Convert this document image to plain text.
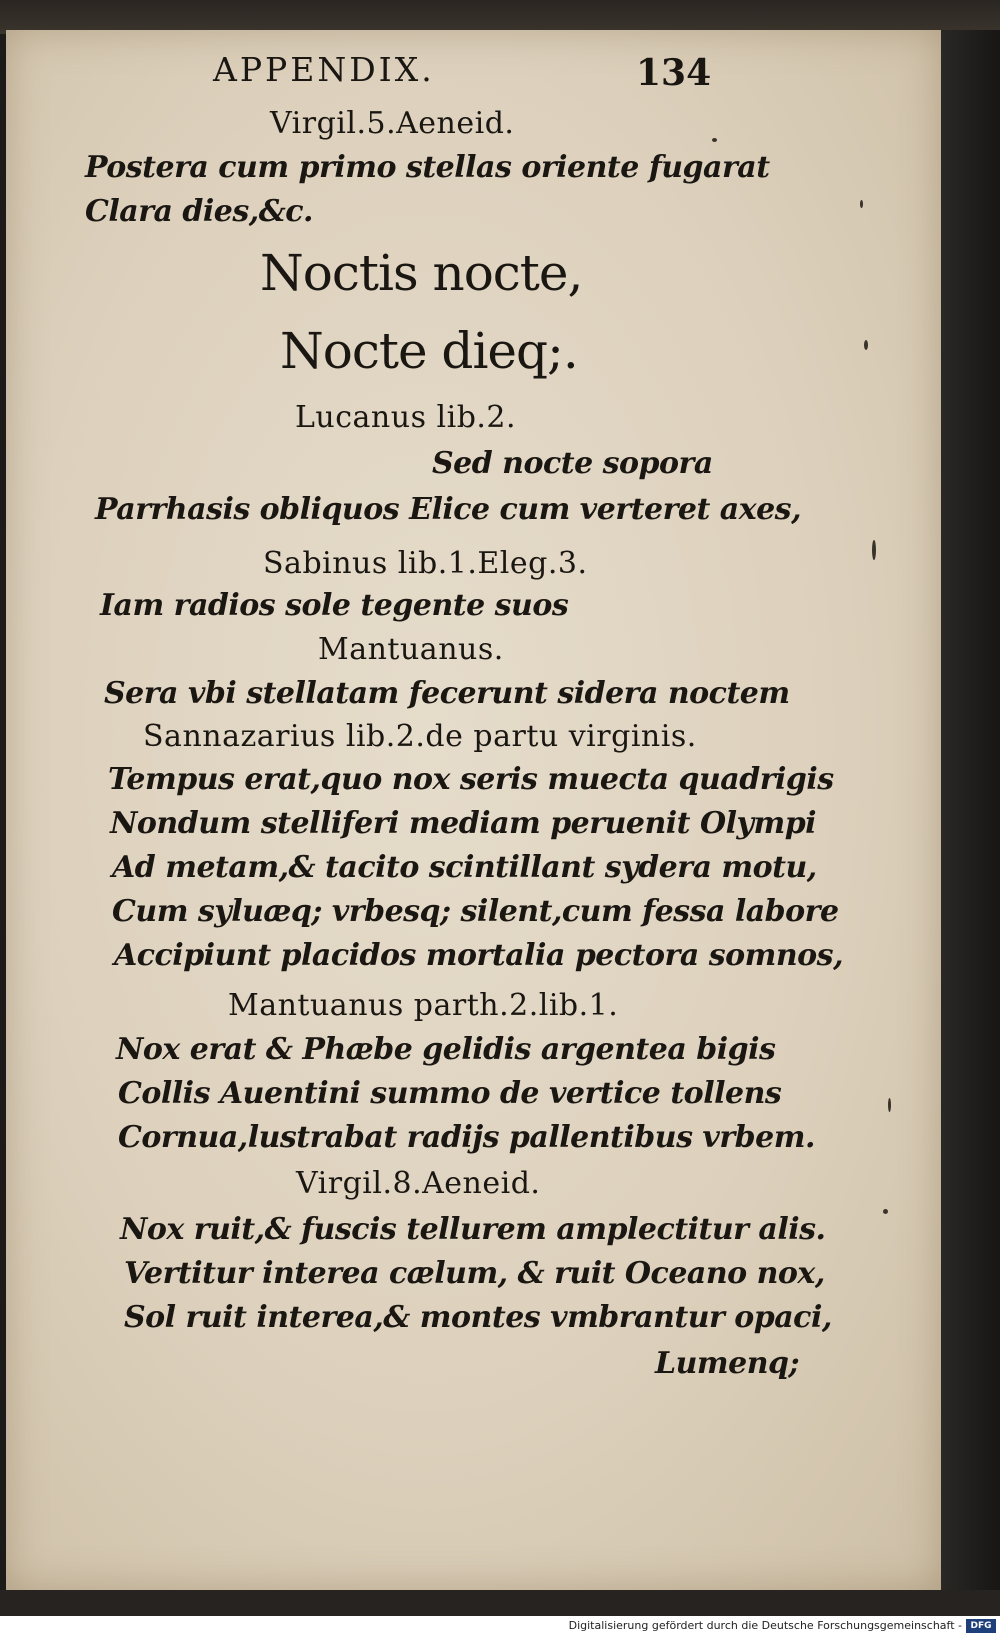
APPENDIX.	134
Virgil.5.Aeneid.
Postera cum primo stellas oriente fugarat
Clara dies,&c.
Noctis nocte,
Nocte dieq;.
Lucanus lib.2.
Sed nocte sopora
Parrhasis obliquos Elice cum verteret axes,
Sabinus lib.1.Eleg.3.
Iam radios sole tegente suos
Mantuanus.
Sera vbi stellatam fecerunt sidera noctem
Sannazarius lib.2.de partu virginis.
Tempus erat,quo nox seris muecta quadrigis
Nondum stelliferi mediam peruenit Olympi
Ad metam,& tacito scintillant sydera motu,
Cum syluæq; vrbesq; silent,cum fessa labore
Accipiunt placidos mortalia pectora somnos,
Mantuanus parth.2.lib.1.
Nox erat & Phæbe gelidis argentea bigis
Collis Auentini summo de vertice tollens
Cornua,lustrabat radijs pallentibus vrbem.
Virgil.8.Aeneid.
Nox ruit,& fuscis tellurem amplectitur alis.
Vertitur interea cælum, & ruit Oceano nox,
Sol ruit interea,& montes vmbrantur opaci,
Lumenq;
Digitalisierung gefördert durch die Deutsche Forschungsgemeinschaft - DFG
